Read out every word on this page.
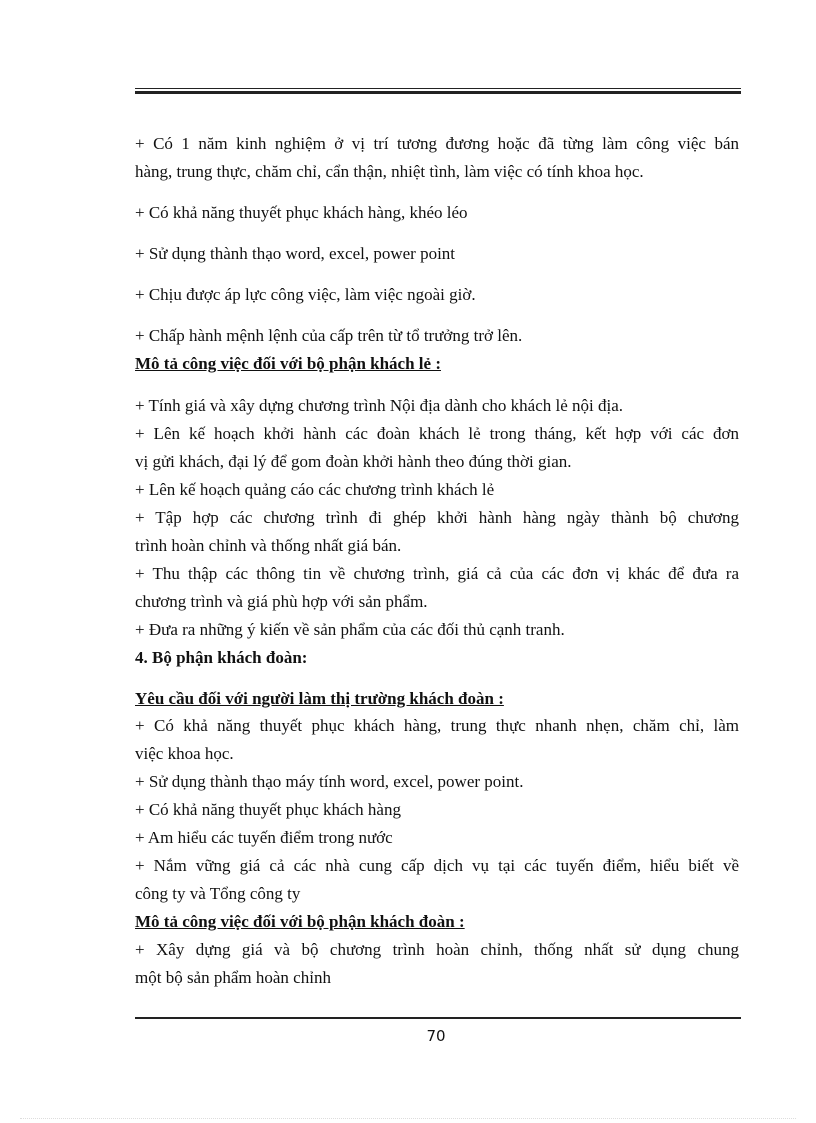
+ Có 1 năm kinh nghiệm ở vị trí tương đương hoặc đã từng làm công việc bán
hàng, trung thực, chăm chỉ, cẩn thận, nhiệt tình, làm việc có tính khoa học.
+ Có khả năng thuyết phục khách hàng, khéo léo
+ Sử dụng thành thạo word, excel, power point
+ Chịu được áp lực công việc, làm việc ngoài giờ.
+ Chấp hành mệnh lệnh của cấp trên từ tổ trưởng trở lên.
Mô tả công việc đối với bộ phận khách lẻ :
+ Tính giá và xây dựng chương trình Nội địa dành cho khách lẻ nội địa.
+ Lên kế hoạch khởi hành các đoàn khách lẻ trong tháng, kết hợp với các đơn
vị gửi khách, đại lý để gom đoàn khởi hành theo đúng thời gian.
+ Lên kế hoạch quảng cáo các chương trình khách lẻ
+ Tập hợp các chương trình đi ghép khởi hành hàng ngày thành bộ chương
trình hoàn chỉnh và thống nhất giá bán.
+ Thu thập các thông tin về chương trình, giá cả của các đơn vị khác để đưa ra
chương trình và giá phù hợp với sản phẩm.
+ Đưa ra những ý kiến về sản phẩm của các đối thủ cạnh tranh.
4. Bộ phận khách đoàn:
Yêu cầu đối với người làm thị trường khách đoàn :
+ Có khả năng thuyết phục khách hàng, trung thực nhanh nhẹn, chăm chỉ, làm
việc khoa học.
+ Sử dụng thành thạo máy tính word, excel, power point.
+ Có khả năng thuyết phục khách hàng
+ Am hiểu các tuyến điểm trong nước
+ Nắm vững giá cả các nhà cung cấp dịch vụ tại các tuyến điểm, hiểu biết về
công ty và Tổng công ty
Mô tả công việc đối với bộ phận khách đoàn :
+ Xây dựng giá và bộ chương trình hoàn chỉnh, thống nhất sử dụng chung
một bộ sản phẩm hoàn chỉnh
70
